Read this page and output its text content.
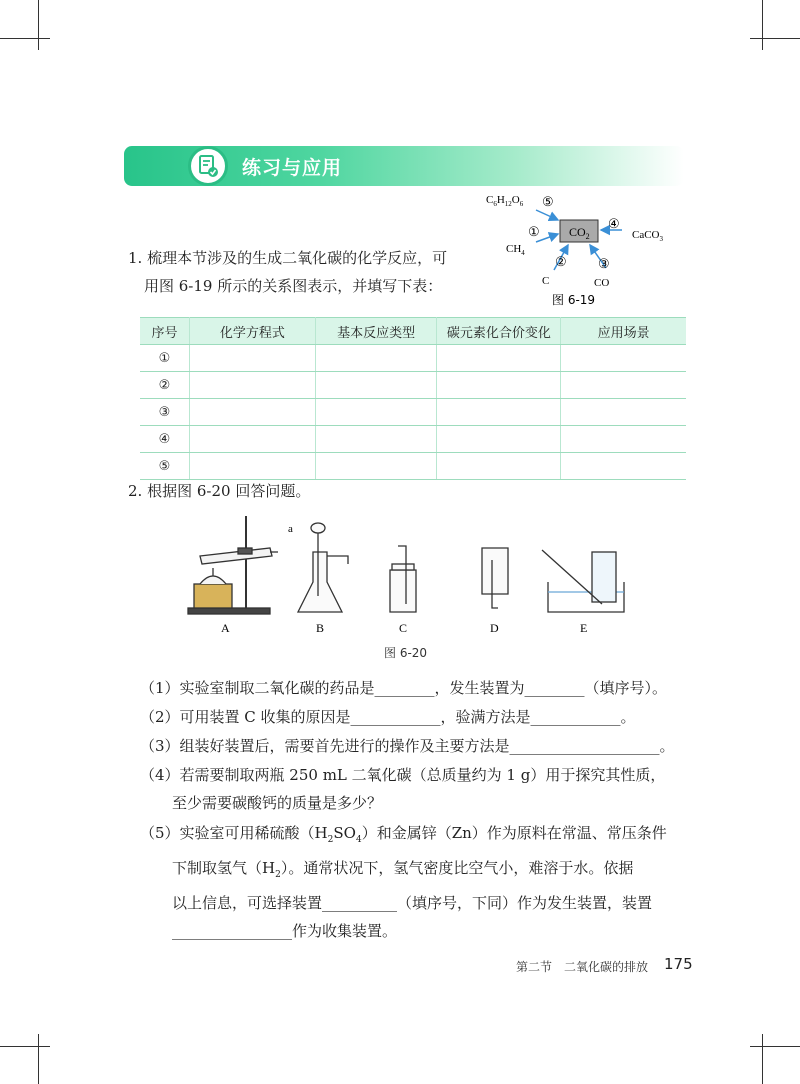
练习与应用
1. 梳理本节涉及的生成二氧化碳的化学反应，可
用图 6-19 所示的关系图表示，并填写下表：
$CO_2$
$C_6H_{12}O_6$ ⑤
④
CaCO$_3$
①
$CH_4$
② ③
C	CO
图 6-19
序号	化学方程式	基本反应类型	碳元素化合价变化	应用场景
①				
②				
③				
④				
⑤				
2. 根据图 6-20 回答问题。
a
A	B	C	D	E
图 6-20
（1）实验室制取二氧化碳的药品是________，发生装置为________（填序号）。
（2）可用装置 C 收集的原因是____________，验满方法是____________。
（3）组装好装置后，需要首先进行的操作及主要方法是____________________。
（4）若需要制取两瓶 250 mL 二氧化碳（总质量约为 1 g）用于探究其性质，
至少需要碳酸钙的质量是多少？
（5）实验室可用稀硫酸$(H_2SO_4)$和金属锌（Zn）作为原料在常温、常压条件
下制取氢气$(H_2)$。通常状况下，氢气密度比空气小，难溶于水。依据
以上信息，可选择装置__________（填序号，下同）作为发生装置，装置
________________作为收集装置。
第二节　二氧化碳的排放 175
